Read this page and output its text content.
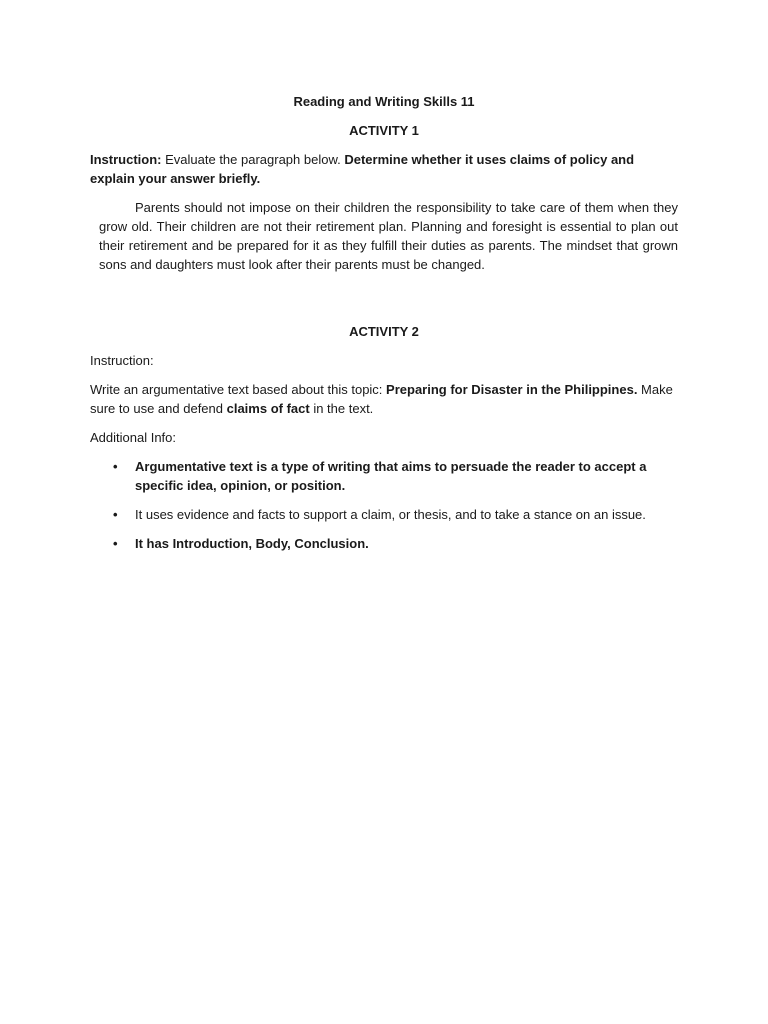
Reading and Writing Skills 11

ACTIVITY 1

Instruction: Evaluate the paragraph below. Determine whether it uses claims of policy and explain your answer briefly.

Parents should not impose on their children the responsibility to take care of them when they grow old. Their children are not their retirement plan. Planning and foresight is essential to plan out their retirement and be prepared for it as they fulfill their duties as parents. The mindset that grown sons and daughters must look after their parents must be changed.

ACTIVITY 2

Instruction:

Write an argumentative text based about this topic: Preparing for Disaster in the Philippines. Make sure to use and defend claims of fact in the text.

Additional Info:

• Argumentative text is a type of writing that aims to persuade the reader to accept a specific idea, opinion, or position.
• It uses evidence and facts to support a claim, or thesis, and to take a stance on an issue.
• It has Introduction, Body, Conclusion.
